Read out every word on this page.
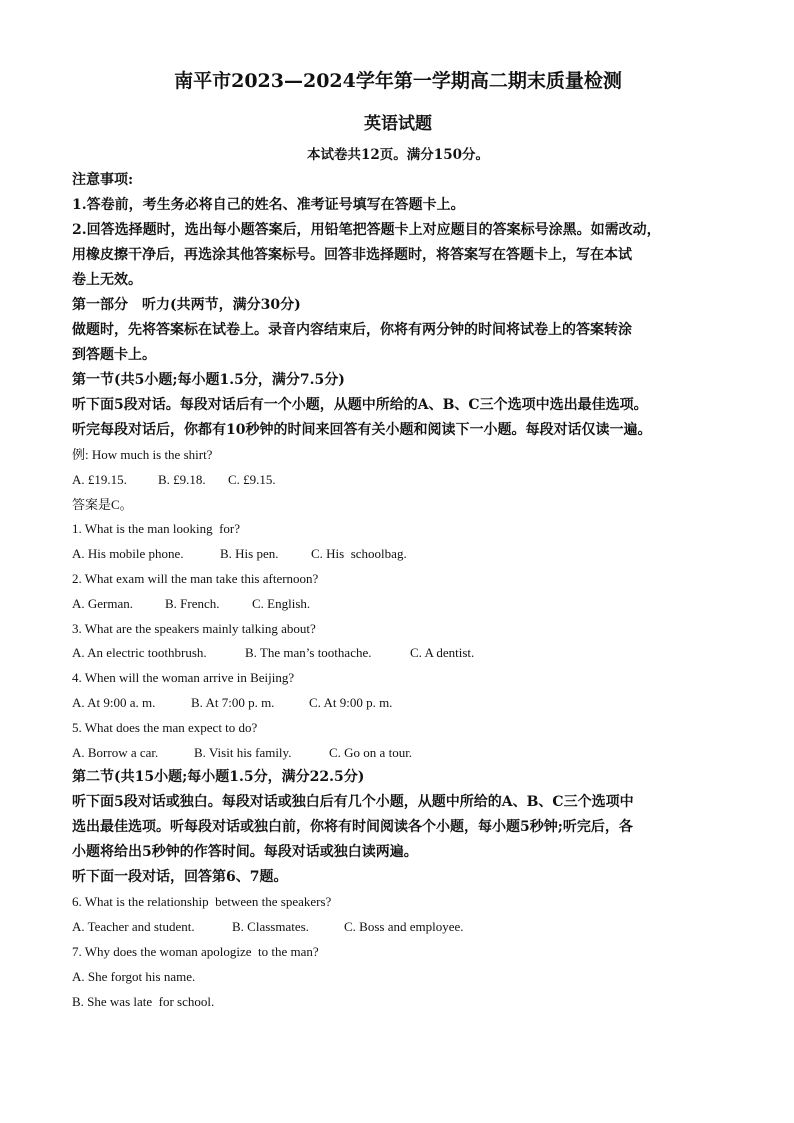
南平市2023—2024学年第一学期高二期末质量检测
英语试题

本试卷共12页。满分150分。

注意事项:

1.答卷前，考生务必将自己的姓名、准考证号填写在答题卡上。

2.回答选择题时，选出每小题答案后，用铅笔把答题卡上对应题目的答案标号涂黑。如需改动，

用橡皮擦干净后，再选涂其他答案标号。回答非选择题时，将答案写在答题卡上，写在本试

卷上无效。

第一部分　听力(共两节，满分30分)

做题时，先将答案标在试卷上。录音内容结束后，你将有两分钟的时间将试卷上的答案转涂

到答题卡上。

第一节(共5小题;每小题1.5分，满分7.5分)

听下面5段对话。每段对话后有一个小题，从题中所给的A、B、C三个选项中选出最佳选项。

听完每段对话后，你都有10秒钟的时间来回答有关小题和阅读下一小题。每段对话仅读一遍。

例: How much is the shirt?

A. £19.15. B. £9.18. C. £9.15.

答案是C。

1. What is the man looking  for?

A. His mobile phone.	B. His pen.	C. His  schoolbag.

2. What exam will the man take this afternoon?

A. German. B. French. C. English.

3. What are the speakers mainly talking about?

A. An electric toothbrush.	B. The man’s toothache.	C. A dentist.

4. When will the woman arrive in Beijing?

A. At 9:00 a. m.	B. At 7:00 p. m.	C. At 9:00 p. m.

5. What does the man expect to do?

A. Borrow a car.	B. Visit his family.	C. Go on a tour.

第二节(共15小题;每小题1.5分，满分22.5分)

听下面5段对话或独白。每段对话或独白后有几个小题，从题中所给的A、B、C三个选项中

选出最佳选项。听每段对话或独白前，你将有时间阅读各个小题，每小题5秒钟;听完后，各

小题将给出5秒钟的作答时间。每段对话或独白读两遍。

听下面一段对话，回答第6、7题。

6. What is the relationship  between the speakers?

A. Teacher and student.	B. Classmates.	C. Boss and employee.

7. Why does the woman apologize  to the man?

A. She forgot his name.

B. She was late  for school.
